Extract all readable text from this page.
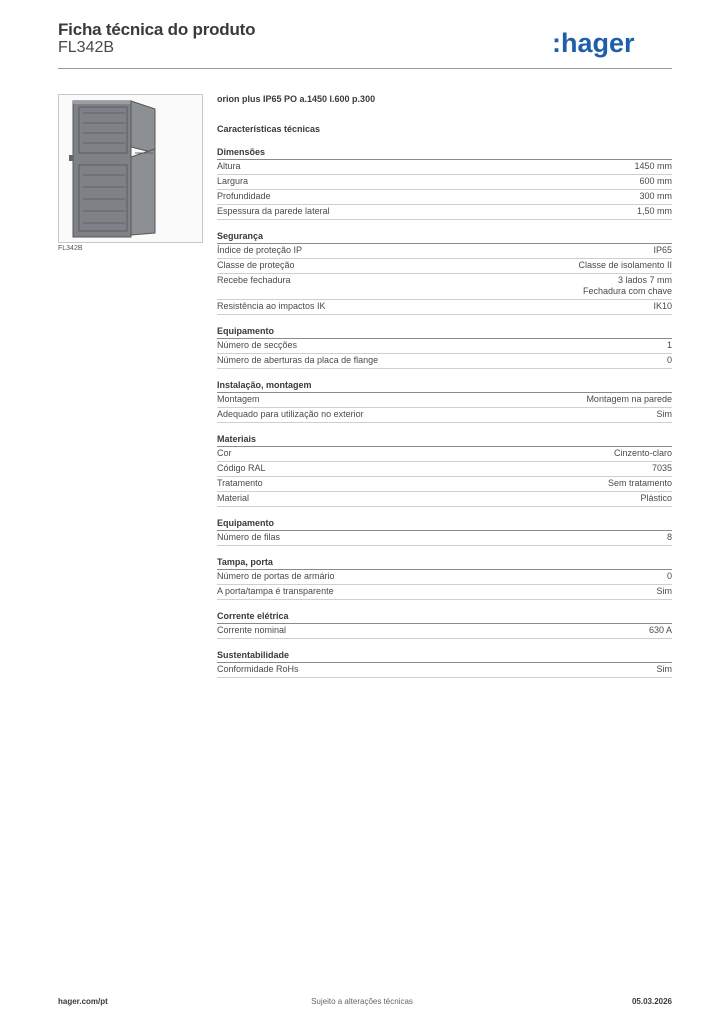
Ficha técnica do produto
FL342B	:hager
FL342B
orion plus IP65 PO a.1450 l.600 p.300
Características técnicas
Dimensões
Altura	1450 mm
Largura	600 mm
Profundidade	300 mm
Espessura da parede lateral	1,50 mm
Segurança
Índice de proteção IP	IP65
Classe de proteção	Classe de isolamento II
Recebe fechadura	3 lados 7 mm
Fechadura com chave
Resistência ao impactos IK	IK10
Equipamento
Número de secções	1
Número de aberturas da placa de flange	0
Instalação, montagem
Montagem	Montagem na parede
Adequado para utilização no exterior	Sim
Materiais
Cor	Cinzento-claro
Código RAL	7035
Tratamento	Sem tratamento
Material	Plástico
Equipamento
Número de filas	8
Tampa, porta
Número de portas de armário	0
A porta/tampa é transparente	Sim
Corrente elétrica
Corrente nominal	630 A
Sustentabilidade
Conformidade RoHs	Sim
hager.com/pt	Sujeito a alterações técnicas	05.03.2026
